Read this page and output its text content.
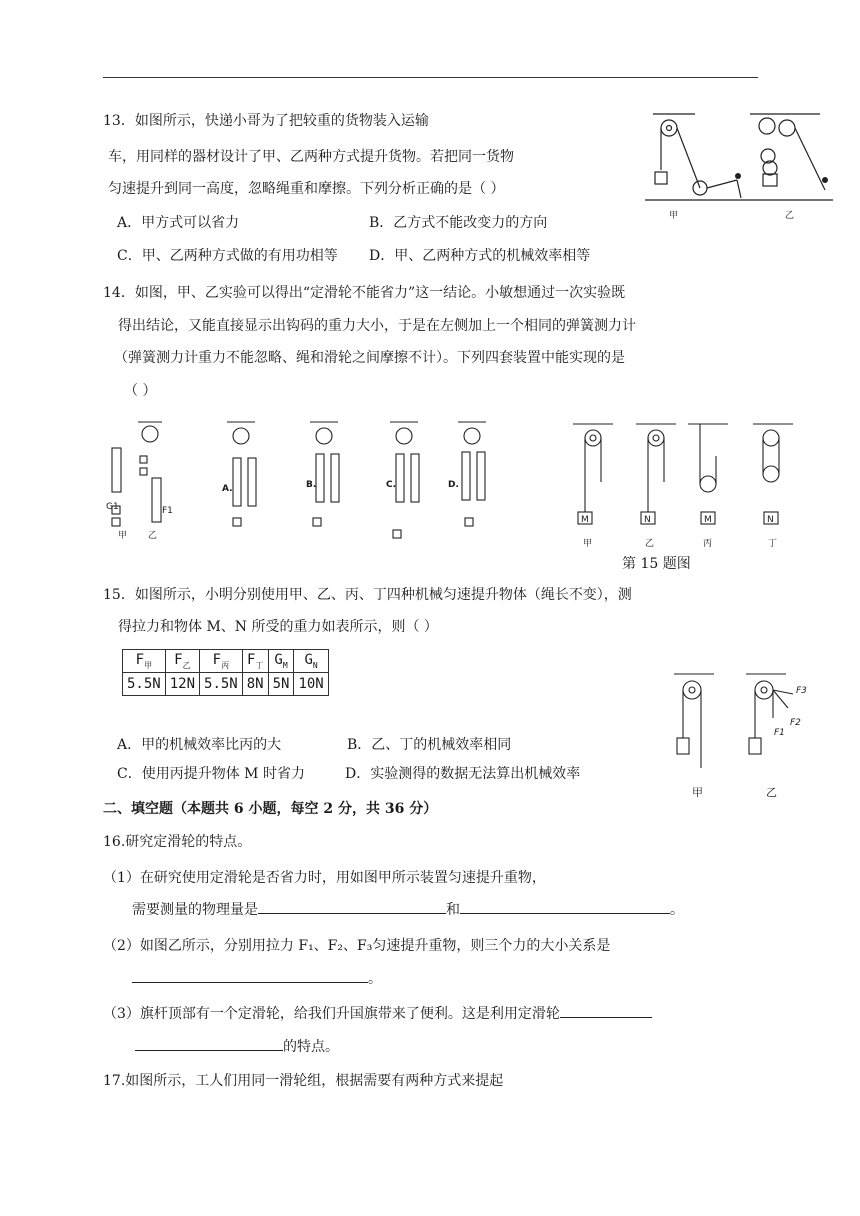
13．如图所示，快递小哥为了把较重的货物装入运输
车，用同样的器材设计了甲、乙两种方式提升货物。若把同一货物
匀速提升到同一高度，忽略绳重和摩擦。下列分析正确的是（ ）
A．甲方式可以省力	B．乙方式不能改变力的方向
C．甲、乙两种方式做的有用功相等 D．甲、乙两种方式的机械效率相等
甲	乙
14．如图，甲、乙实验可以得出“定滑轮不能省力”这一结论。小敏想通过一次实验既
得出结论，又能直接显示出钩码的重力大小，于是在左侧加上一个相同的弹簧测力计
（弹簧测力计重力不能忽略、绳和滑轮之间摩擦不计）。下列四套装置中能实现的是
（ ）
G1	F1
甲 乙
A.	B.	C.	D.
M	N	M	N
甲	乙	丙	丁
第 15 题图
15．如图所示，小明分别使用甲、乙、丙、丁四种机械匀速提升物体（绳长不变），测
得拉力和物体 M、N 所受的重力如表所示，则（ ）
$F_甲$	$F_乙$	$F_丙$	$F_丁$	$G_M$	$G_N$
5.5N	12N	5.5N	8N	5N	10N
A．甲的机械效率比丙的大	B．乙、丁的机械效率相同
C．使用丙提升物体 M 时省力	D．实验测得的数据无法算出机械效率
F3
F2
F1
甲	乙
二、填空题（本题共 6 小题，每空 2 分，共 36 分）
16.研究定滑轮的特点。
（1）在研究使用定滑轮是否省力时，用如图甲所示装置匀速提升重物，
需要测量的物理量是	和	。
（2）如图乙所示，分别用拉力 F₁、F₂、F₃匀速提升重物，则三个力的大小关系是
。
（3）旗杆顶部有一个定滑轮，给我们升国旗带来了便利。这是利用定滑轮
的特点。
17.如图所示，工人们用同一滑轮组，根据需要有两种方式来提起
